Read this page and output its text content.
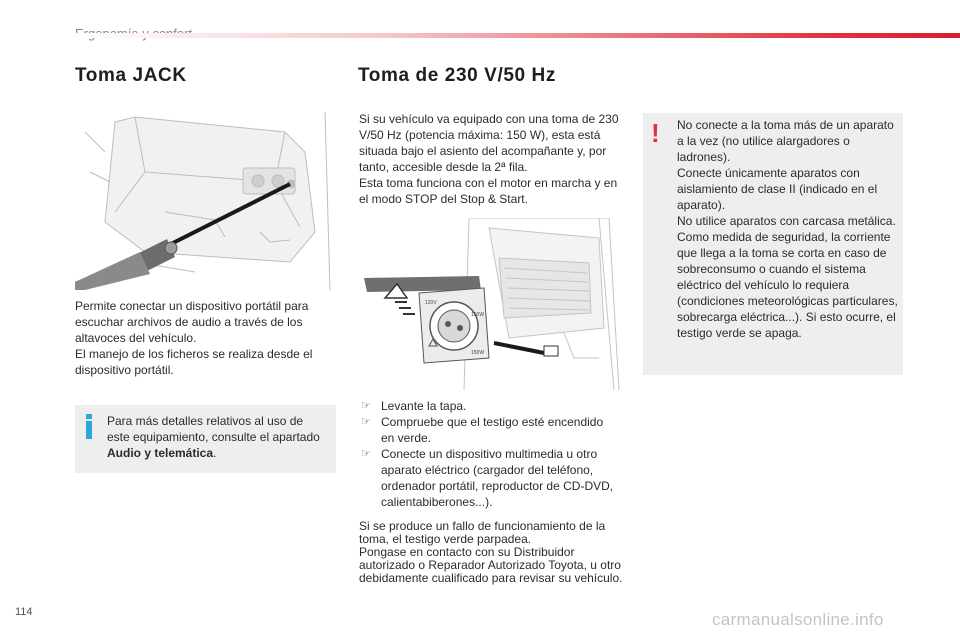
Toma JACK
Permite conectar un dispositivo portátil para escuchar archivos de audio a través de los altavoces del vehículo.
El manejo de los ficheros se realiza desde el dispositivo portátil.
Para más detalles relativos al uso de este equipamiento, consulte el apartado Audio y telemática.
Toma de 230 V/50 Hz
Si su vehículo va equipado con una toma de 230 V/50 Hz (potencia máxima: 150 W), esta está situada bajo el asiento del acompañante y, por tanto, accesible desde la 2ª fila.
Esta toma funciona con el motor en marcha y en el modo STOP del Stop & Start.
120V
150W
150W
☞ Levante la tapa.
☞ Compruebe que el testigo esté encendido en verde.
☞ Conecte un dispositivo multimedia u otro aparato eléctrico (cargador del teléfono, ordenador portátil, reproductor de CD-DVD, calientabiberones...).
Si se produce un fallo de funcionamiento de la toma, el testigo verde parpadea.
Pongase en contacto con su Distribuidor autorizado o Reparador Autorizado Toyota, u otro debidamente cualificado para revisar su vehículo.
! No conecte a la toma más de un aparato a la vez (no utilice alargadores o ladrones).
Conecte únicamente aparatos con aislamiento de clase II (indicado en el aparato).
No utilice aparatos con carcasa metálica.
Como medida de seguridad, la corriente que llega a la toma se corta en caso de sobreconsumo o cuando el sistema eléctrico del vehículo lo requiera (condiciones meteorológicas particulares, sobrecarga eléctrica...). Si esto ocurre, el testigo verde se apaga.
114	carmanualsonline.info
